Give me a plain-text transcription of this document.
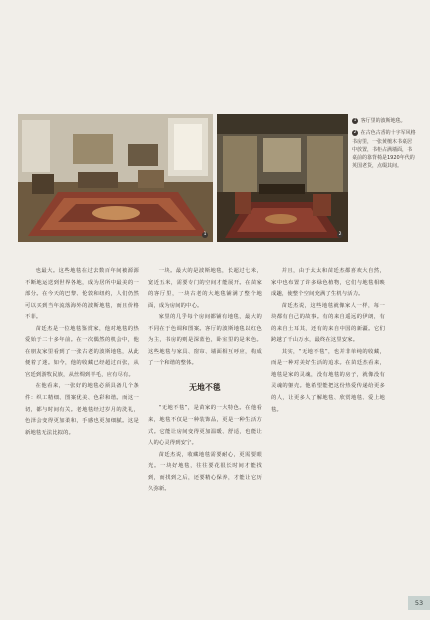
1	2
1 客厅里的波斯地毯。
2 在古色古香的十字军风格书房里，一张黄檀木书桌居中放置，书柜占满墙面，书桌前的靠背椅是1920年代的英国老货，点缀其间。

也最大。这些地毯在过去数百年间被源源不断地运送到世界各地，成为居所中最美的一部分。在今天的巴黎、伦敦和纽约，人们仍然可以买到当年流落海外的波斯地毯，而且价格不菲。

苗廷杰是一位地毯鉴赏家，他对地毯的热爱始于二十多年前。在一次偶然的机会中，他在朋友家里看到了一张古老的波斯地毯，从此便着了迷。如今，他的收藏已经超过百张，从宫廷到游牧民族，从丝绸到羊毛，应有尽有。

在他看来，一张好的地毯必须具备几个条件：织工精细、图案优美、色彩和谐。而这一切，都与时间有关。老地毯经过岁月的洗礼，色泽会变得更加柔和，手感也更加细腻。这是新地毯无法比拟的。

一块。最大的是波斯地毯，长超过七米，宽近五米，需要专门的空间才能展开。在苗家的客厅里，一块古老的大地毯铺满了整个地面，成为房间的中心。

家里的几乎每个房间都铺有地毯，最大的不同在于色调和图案。客厅的波斯地毯以红色为主，书房的则是深蓝色，卧室里的是米色。这些地毯与家具、窗帘、墙面相互呼应，构成了一个和谐的整体。

无地不毯

“无地不毯”，是苗家的一大特色。在他看来，地毯不仅是一种装饰品，更是一种生活方式。它能让房间变得更加温暖、舒适，也能让人的心灵得到安宁。

苗廷杰说，收藏地毯需要耐心，更需要眼光。一块好地毯，往往要花很长时间才能找到，而找到之后，还要精心保养，才能让它历久弥新。

并且，由于太太和苗廷杰都喜欢大自然，家中也布置了许多绿色植物，它们与地毯相映成趣，使整个空间充满了生机与活力。

苗廷杰说，这些地毯就像家人一样，每一块都有自己的故事。有的来自遥远的伊朗，有的来自土耳其，还有的来自中国的新疆。它们跨越了千山万水，最终在这里安家。

其实，“无地不毯”，也并非单纯的收藏，而是一种对美好生活的追求。在苗廷杰看来，地毯是家的灵魂，没有地毯的房子，就像没有灵魂的躯壳。他希望能把这份热爱传递给更多的人，让更多人了解地毯、欣赏地毯、爱上地毯。

53
